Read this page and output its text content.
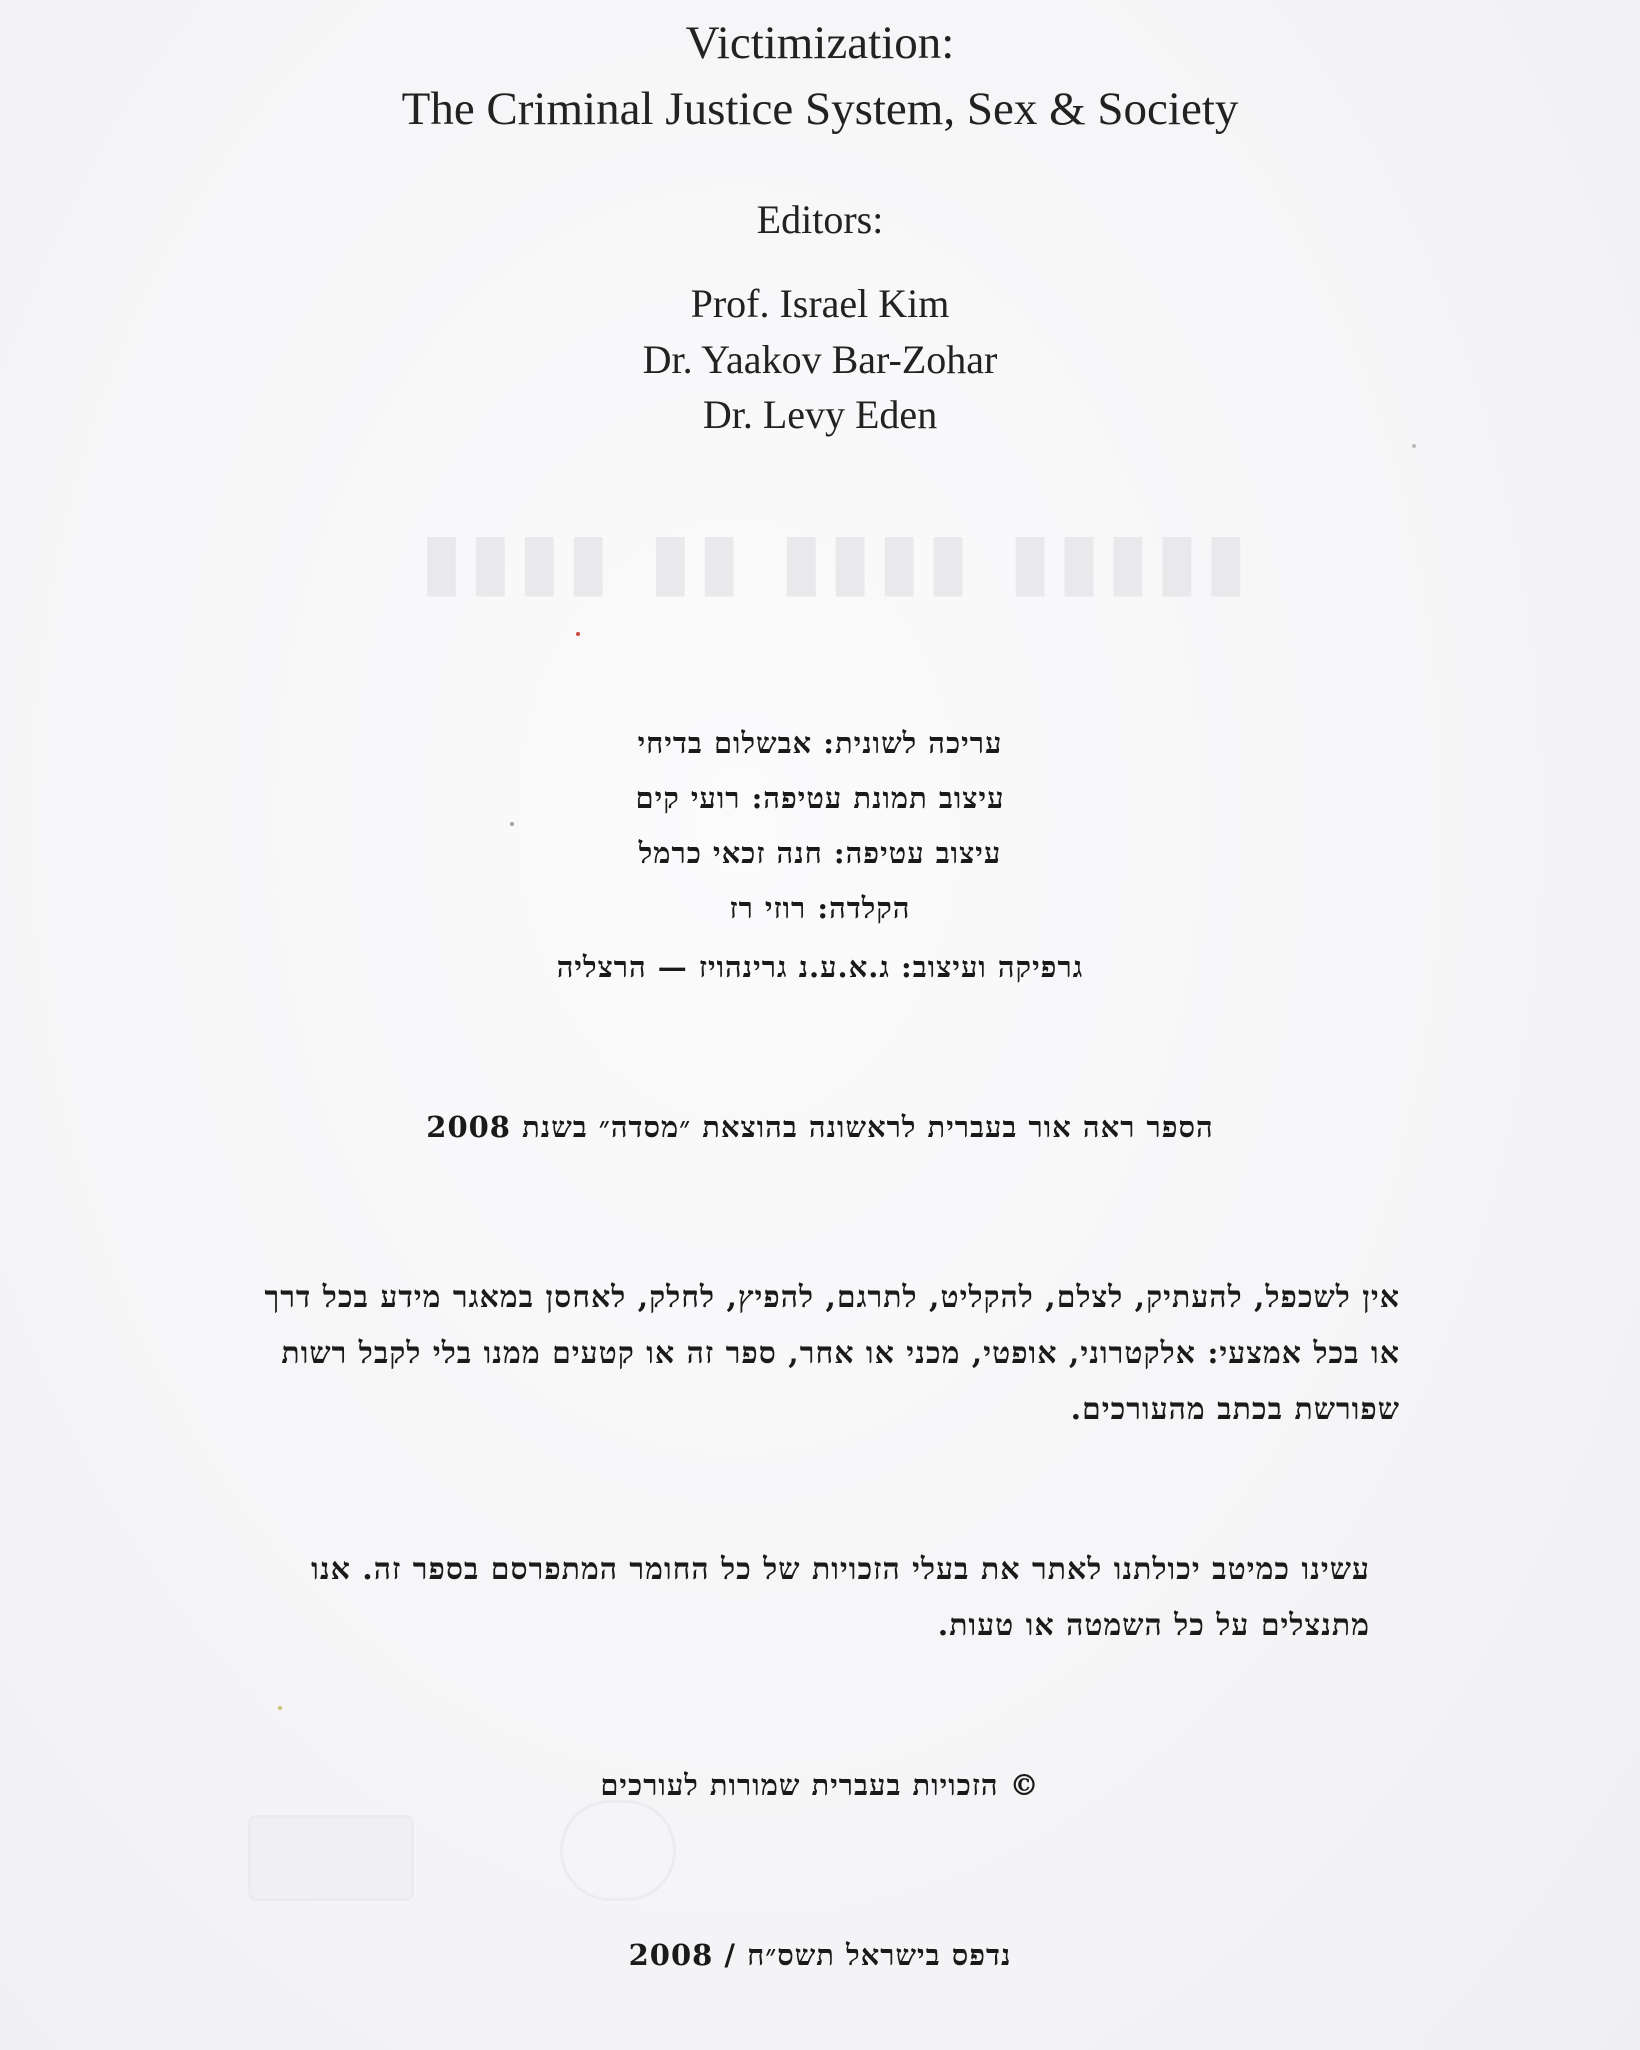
▮▮▮▮ ▮▮ ▮▮▮▮ ▮▮▮▮▮
Victimization:
The Criminal Justice System, Sex & Society
Editors:
Prof. Israel Kim
Dr. Yaakov Bar-Zohar
Dr. Levy Eden
עריכה לשונית: אבשלום בדיחי
עיצוב תמונת עטיפה: רועי קים
עיצוב עטיפה: חנה זכאי כרמל
הקלדה: רוזי רז
גרפיקה ועיצוב: ג.א.ע.נ גרינהויז — הרצליה
הספר ראה אור בעברית לראשונה בהוצאת ״מסדה״ בשנת 2008
אין לשכפל, להעתיק, לצלם, להקליט, לתרגם, להפיץ, לחלק, לאחסן במאגר מידע בכל דרך או בכל אמצעי: אלקטרוני, אופטי, מכני או אחר, ספר זה או קטעים ממנו בלי לקבל רשות שפורשת בכתב מהעורכים.
עשינו כמיטב יכולתנו לאתר את בעלי הזכויות של כל החומר המתפרסם בספר זה. אנו מתנצלים על כל השמטה או טעות.
© הזכויות בעברית שמורות לעורכים
נדפס בישראל תשס״ח / 2008
